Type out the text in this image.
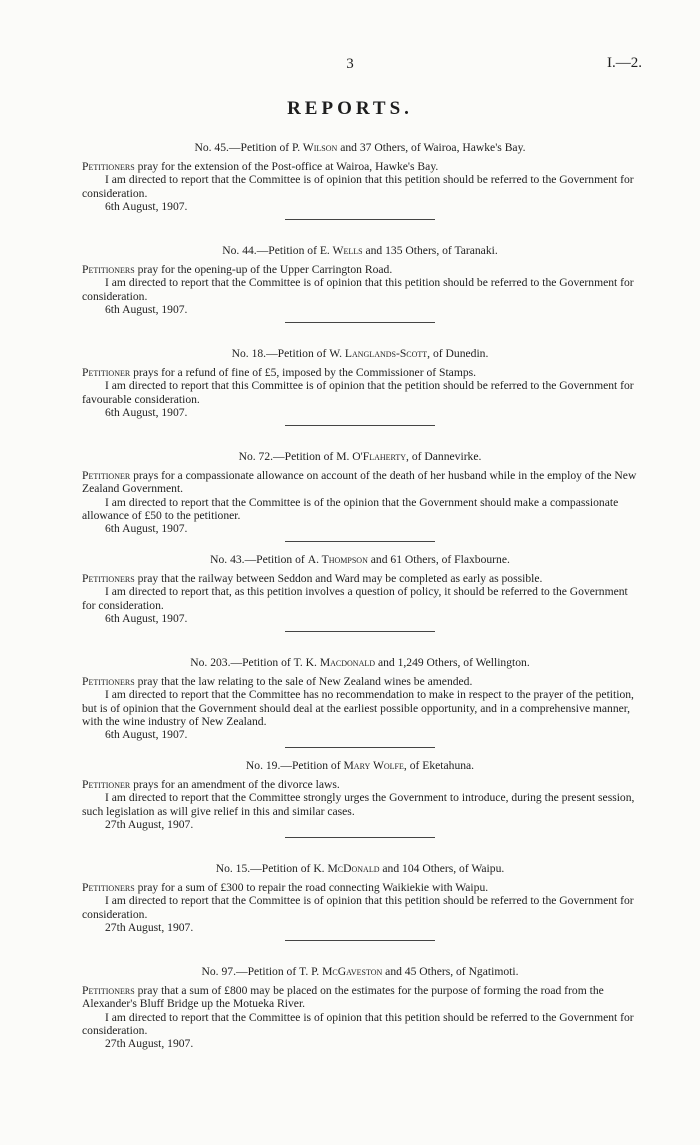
3	I.—2.
REPORTS.
No. 45.—Petition of P. Wilson and 37 Others, of Wairoa, Hawke's Bay.

Petitioners pray for the extension of the Post-office at Wairoa, Hawke's Bay.

I am directed to report that the Committee is of opinion that this petition should be referred to the Government for consideration.

6th August, 1907.

No. 44.—Petition of E. Wells and 135 Others, of Taranaki.

Petitioners pray for the opening-up of the Upper Carrington Road.

I am directed to report that the Committee is of opinion that this petition should be referred to the Government for consideration.

6th August, 1907.

No. 18.—Petition of W. Langlands-Scott, of Dunedin.

Petitioner prays for a refund of fine of £5, imposed by the Commissioner of Stamps.

I am directed to report that this Committee is of opinion that the petition should be referred to the Government for favourable consideration.

6th August, 1907.

No. 72.—Petition of M. O'Flaherty, of Dannevirke.

Petitioner prays for a compassionate allowance on account of the death of her husband while in the employ of the New Zealand Government.

I am directed to report that the Committee is of the opinion that the Government should make a compassionate allowance of £50 to the petitioner.

6th August, 1907.

No. 43.—Petition of A. Thompson and 61 Others, of Flaxbourne.

Petitioners pray that the railway between Seddon and Ward may be completed as early as possible.

I am directed to report that, as this petition involves a question of policy, it should be referred to the Government for consideration.

6th August, 1907.

No. 203.—Petition of T. K. Macdonald and 1,249 Others, of Wellington.

Petitioners pray that the law relating to the sale of New Zealand wines be amended.

I am directed to report that the Committee has no recommendation to make in respect to the prayer of the petition, but is of opinion that the Government should deal at the earliest possible opportunity, and in a comprehensive manner, with the wine industry of New Zealand.

6th August, 1907.

No. 19.—Petition of Mary Wolfe, of Eketahuna.

Petitioner prays for an amendment of the divorce laws.

I am directed to report that the Committee strongly urges the Government to introduce, during the present session, such legislation as will give relief in this and similar cases.

27th August, 1907.

No. 15.—Petition of K. McDonald and 104 Others, of Waipu.

Petitioners pray for a sum of £300 to repair the road connecting Waikiekie with Waipu.

I am directed to report that the Committee is of opinion that this petition should be referred to the Government for consideration.

27th August, 1907.

No. 97.—Petition of T. P. McGaveston and 45 Others, of Ngatimoti.

Petitioners pray that a sum of £800 may be placed on the estimates for the purpose of forming the road from the Alexander's Bluff Bridge up the Motueka River.

I am directed to report that the Committee is of opinion that this petition should be referred to the Government for consideration.

27th August, 1907.
